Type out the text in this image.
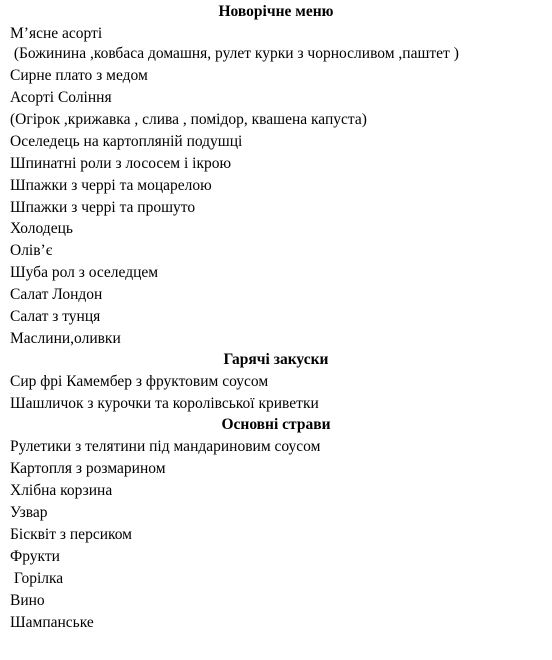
Новорічне меню
М’ясне асорті
(Божинина ,ковбаса домашня, рулет курки з чорносливом ,паштет )
Сирне плато з медом
Асорті Соління
(Огірок ,крижавка , слива , помідор, квашена капуста)
Оселедець на картопляній подушці
Шпинатні роли з лососем і ікрою
Шпажки з черрі та моцарелою
Шпажки з черрі та прошуто
Холодець
Олів’є
Шуба рол з оселедцем
Салат Лондон
Салат з тунця
Маслини,оливки
Гарячі закуски
Сир фрі Камембер з фруктовим соусом
Шашличок з курочки та королівської криветки
Основні страви
Рулетики з телятини під мандариновим соусом
Картопля з розмарином
Хлібна корзина
Узвар
Бісквіт з персиком
Фрукти
Горілка
Вино
Шампанське
